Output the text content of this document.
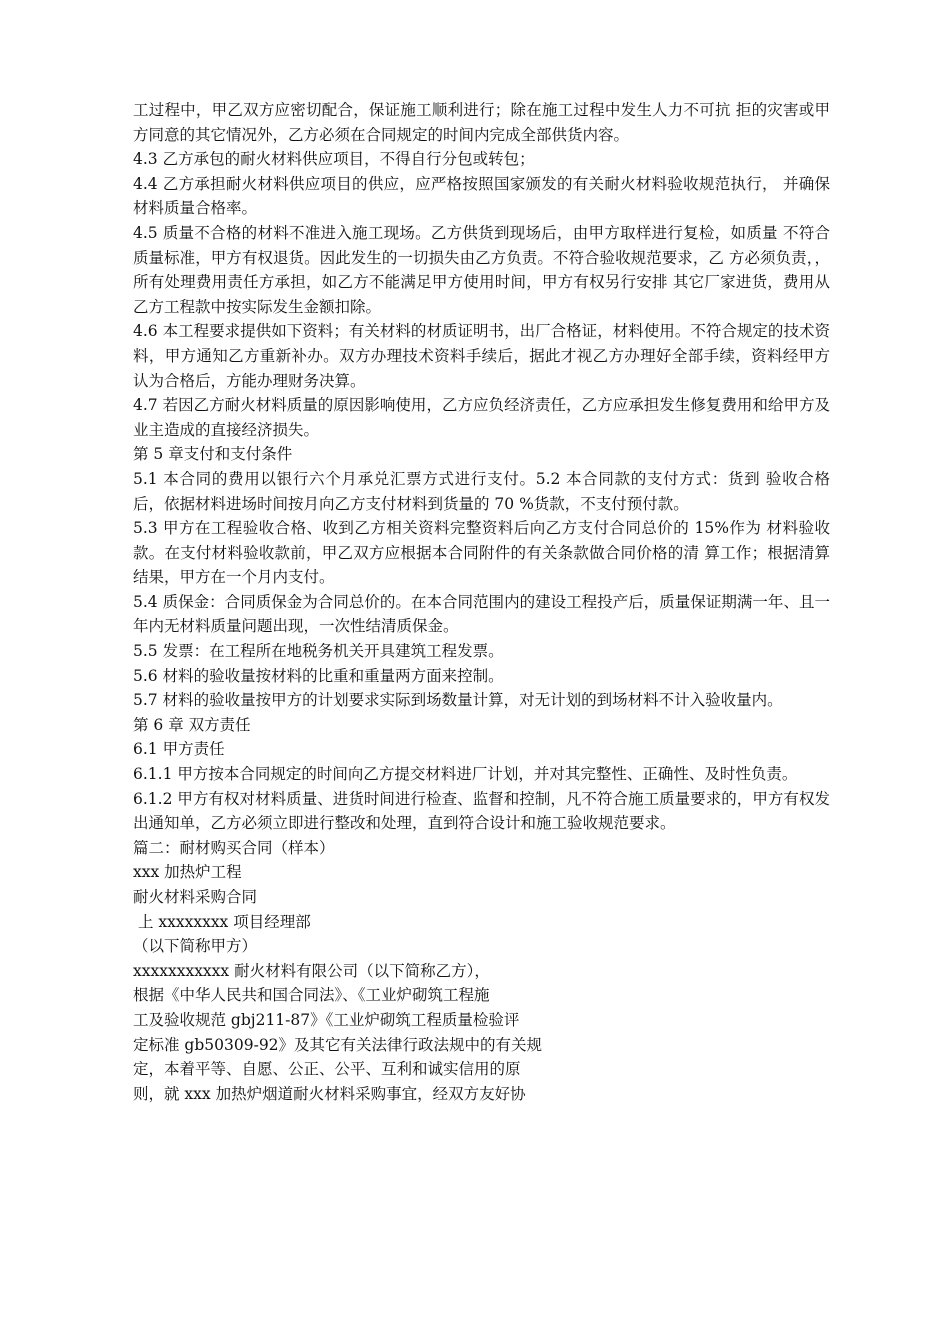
工过程中，甲乙双方应密切配合，保证施工顺利进行；除在施工过程中发生人力不可抗 拒的灾害或甲方同意的其它情况外，乙方必须在合同规定的时间内完成全部供货内容。

4.3 乙方承包的耐火材料供应项目，不得自行分包或转包；

4.4 乙方承担耐火材料供应项目的供应，应严格按照国家颁发的有关耐火材料验收规范执行， 并确保材料质量合格率。

4.5 质量不合格的材料不准进入施工现场。乙方供货到现场后，由甲方取样进行复检，如质量 不符合质量标准，甲方有权退货。因此发生的一切损失由乙方负责。不符合验收规范要求，乙 方必须负责，，所有处理费用责任方承担，如乙方不能满足甲方使用时间，甲方有权另行安排 其它厂家进货，费用从乙方工程款中按实际发生金额扣除。

4.6 本工程要求提供如下资料；有关材料的材质证明书，出厂合格证，材料使用。不符合规定的技术资料，甲方通知乙方重新补办。双方办理技术资料手续后，据此才视乙方办理好全部手续，资料经甲方认为合格后，方能办理财务决算。

4.7 若因乙方耐火材料质量的原因影响使用，乙方应负经济责任，乙方应承担发生修复费用和给甲方及业主造成的直接经济损失。

第 5 章支付和支付条件

5.1 本合同的费用以银行六个月承兑汇票方式进行支付。5.2 本合同款的支付方式：货到 验收合格后，依据材料进场时间按月向乙方支付材料到货量的 70 %货款，不支付预付款。

5.3 甲方在工程验收合格、收到乙方相关资料完整资料后向乙方支付合同总价的 15%作为 材料验收款。在支付材料验收款前，甲乙双方应根据本合同附件的有关条款做合同价格的清 算工作；根据清算结果，甲方在一个月内支付。

5.4 质保金：合同质保金为合同总价的。在本合同范围内的建设工程投产后，质量保证期满一年、且一年内无材料质量问题出现，一次性结清质保金。

5.5 发票：在工程所在地税务机关开具建筑工程发票。

5.6 材料的验收量按材料的比重和重量两方面来控制。

5.7 材料的验收量按甲方的计划要求实际到场数量计算，对无计划的到场材料不计入验收量内。

第 6 章 双方责任

6.1 甲方责任

6.1.1 甲方按本合同规定的时间向乙方提交材料进厂计划，并对其完整性、正确性、及时性负责。

6.1.2 甲方有权对材料质量、进货时间进行检查、监督和控制，凡不符合施工质量要求的，甲方有权发出通知单，乙方必须立即进行整改和处理，直到符合设计和施工验收规范要求。

篇二：耐材购买合同（样本）

xxx 加热炉工程

耐火材料采购合同

上 xxxxxxxx 项目经理部

（以下简称甲方）

xxxxxxxxxxx 耐火材料有限公司（以下简称乙方），

根据《中华人民共和国合同法》、《工业炉砌筑工程施

工及验收规范 gbj211-87》《工业炉砌筑工程质量检验评

定标准 gb50309-92》及其它有关法律行政法规中的有关规

定，本着平等、自愿、公正、公平、互利和诚实信用的原

则，就 xxx 加热炉烟道耐火材料采购事宜，经双方友好协
